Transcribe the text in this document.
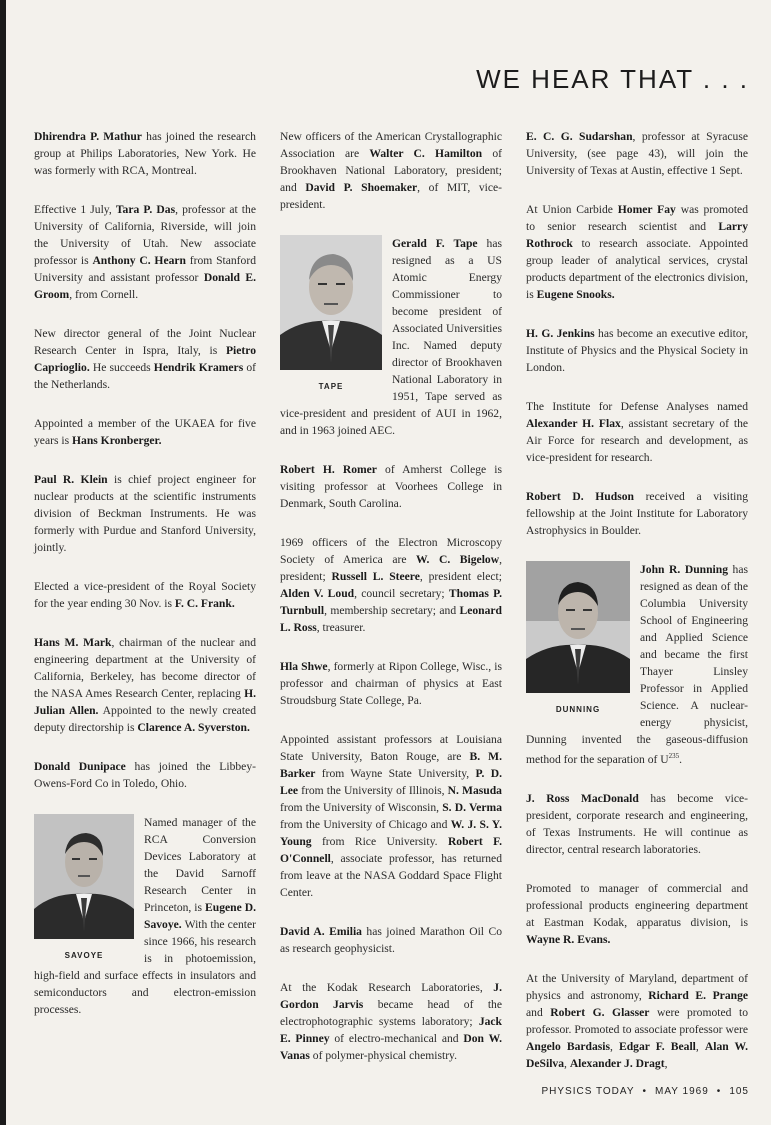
WE HEAR THAT . . .

Dhirendra P. Mathur has joined the research group at Philips Laboratories, New York. He was formerly with RCA, Montreal.

Effective 1 July, Tara P. Das, professor at the University of California, Riverside, will join the University of Utah. New associate professor is Anthony C. Hearn from Stanford University and assistant professor Donald E. Groom, from Cornell.

New director general of the Joint Nuclear Research Center in Ispra, Italy, is Pietro Caprioglio. He succeeds Hendrik Kramers of the Netherlands.

Appointed a member of the UKAEA for five years is Hans Kronberger.

Paul R. Klein is chief project engineer for nuclear products at the scientific instruments division of Beckman Instruments. He was formerly with Purdue and Stanford University, jointly.

Elected a vice-president of the Royal Society for the year ending 30 Nov. is F. C. Frank.

Hans M. Mark, chairman of the nuclear and engineering department at the University of California, Berkeley, has become director of the NASA Ames Research Center, replacing H. Julian Allen. Appointed to the newly created deputy directorship is Clarence A. Syverston.

Donald Dunipace has joined the Libbey-Owens-Ford Co in Toledo, Ohio.

SAVOYE
Named manager of the RCA Conversion Devices Laboratory at the David Sarnoff Research Center in Princeton, is Eugene D. Savoye. With the center since 1966, his research is in photoemission, high-field and surface effects in insulators and semiconductors and electron-emission processes.

New officers of the American Crystallographic Association are Walter C. Hamilton of Brookhaven National Laboratory, president; and David P. Shoemaker, of MIT, vice-president.

TAPE
Gerald F. Tape has resigned as a US Atomic Energy Commissioner to become president of Associated Universities Inc. Named deputy director of Brookhaven National Laboratory in 1951, Tape served as vice-president and president of AUI in 1962, and in 1963 joined AEC.

Robert H. Romer of Amherst College is visiting professor at Voorhees College in Denmark, South Carolina.

1969 officers of the Electron Microscopy Society of America are W. C. Bigelow, president; Russell L. Steere, president elect; Alden V. Loud, council secretary; Thomas P. Turnbull, membership secretary; and Leonard L. Ross, treasurer.

Hla Shwe, formerly at Ripon College, Wisc., is professor and chairman of physics at East Stroudsburg State College, Pa.

Appointed assistant professors at Louisiana State University, Baton Rouge, are B. M. Barker from Wayne State University, P. D. Lee from the University of Illinois, N. Masuda from the University of Wisconsin, S. D. Verma from the University of Chicago and W. J. S. Y. Young from Rice University. Robert F. O'Connell, associate professor, has returned from leave at the NASA Goddard Space Flight Center.

David A. Emilia has joined Marathon Oil Co as research geophysicist.

At the Kodak Research Laboratories, J. Gordon Jarvis became head of the electrophotographic systems laboratory; Jack E. Pinney of electro-mechanical and Don W. Vanas of polymer-physical chemistry.

E. C. G. Sudarshan, professor at Syracuse University, (see page 43), will join the University of Texas at Austin, effective 1 Sept.

At Union Carbide Homer Fay was promoted to senior research scientist and Larry Rothrock to research associate. Appointed group leader of analytical services, crystal products department of the electronics division, is Eugene Snooks.

H. G. Jenkins has become an executive editor, Institute of Physics and the Physical Society in London.

The Institute for Defense Analyses named Alexander H. Flax, assistant secretary of the Air Force for research and development, as vice-president for research.

Robert D. Hudson received a visiting fellowship at the Joint Institute for Laboratory Astrophysics in Boulder.

DUNNING
John R. Dunning has resigned as dean of the Columbia University School of Engineering and Applied Science and became the first Thayer Linsley Professor in Applied Science. A nuclear-energy physicist, Dunning invented the gaseous-diffusion method for the separation of $U^{235}$.

J. Ross MacDonald has become vice-president, corporate research and engineering, of Texas Instruments. He will continue as director, central research laboratories.

Promoted to manager of commercial and professional products engineering department at Eastman Kodak, apparatus division, is Wayne R. Evans.

At the University of Maryland, department of physics and astronomy, Richard E. Prange and Robert G. Glasser were promoted to professor. Promoted to associate professor were Angelo Bardasis, Edgar F. Beall, Alan W. DeSilva, Alexander J. Dragt,

PHYSICS TODAY • MAY 1969 • 105
